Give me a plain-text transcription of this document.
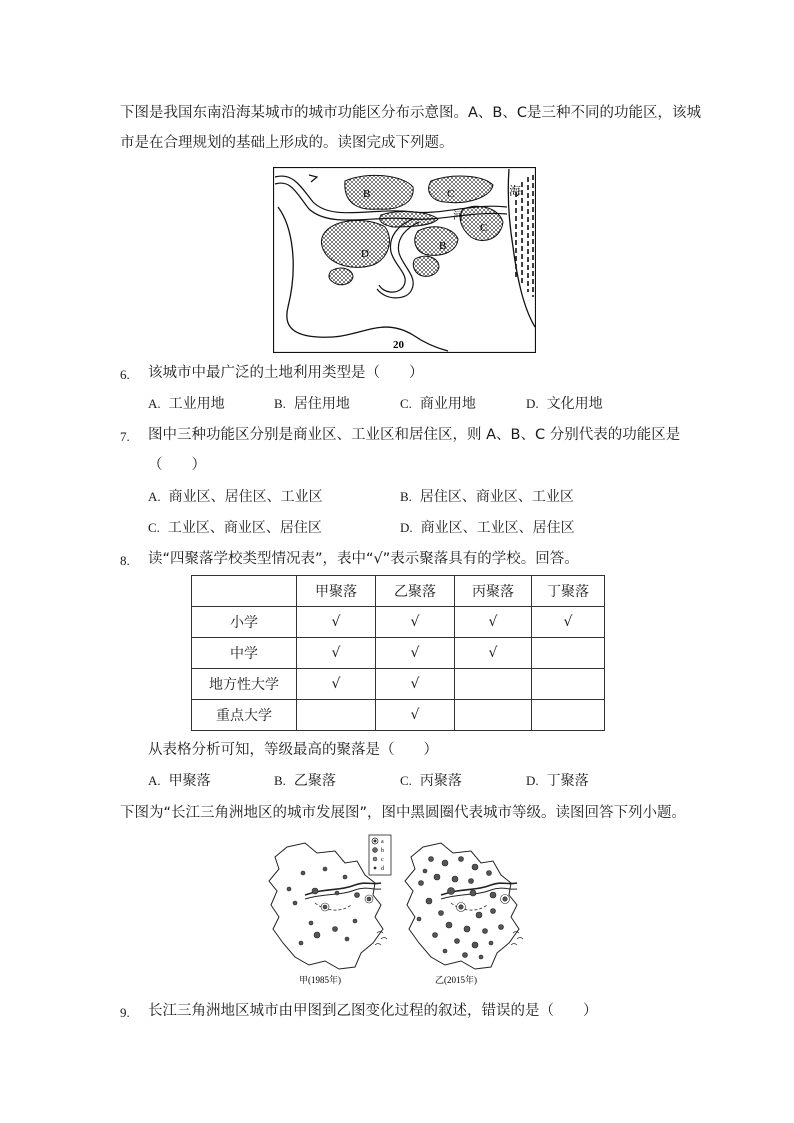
下图是我国东南沿海某城市的城市功能区分布示意图。A、B、C是三种不同的功能区，该城
市是在合理规划的基础上形成的。读图完成下列题。
B	C
C
D
B
河
海
20
6. 该城市中最广泛的土地利用类型是（　　）
A. 工业用地	B. 居住用地	C. 商业用地	D. 文化用地
7. 图中三种功能区分别是商业区、工业区和居住区，则 A、B、C 分别代表的功能区是
（　　）
A. 商业区、居住区、工业区	B. 居住区、商业区、工业区
C. 工业区、商业区、居住区	D. 商业区、工业区、居住区
8. 读“四聚落学校类型情况表”，表中“√”表示聚落具有的学校。回答。
	甲聚落	乙聚落	丙聚落	丁聚落
小学	√	√	√	√
中学	√	√	√	
地方性大学	√	√		
重点大学		√		
从表格分析可知，等级最高的聚落是（　　）
A. 甲聚落	B. 乙聚落	C. 丙聚落	D. 丁聚落
下图为“长江三角洲地区的城市发展图”，图中黑圆圈代表城市等级。读图回答下列小题。
甲(1985年)
a
b
c
d
乙(2015年)
9. 长江三角洲地区城市由甲图到乙图变化过程的叙述，错误的是（　　）
